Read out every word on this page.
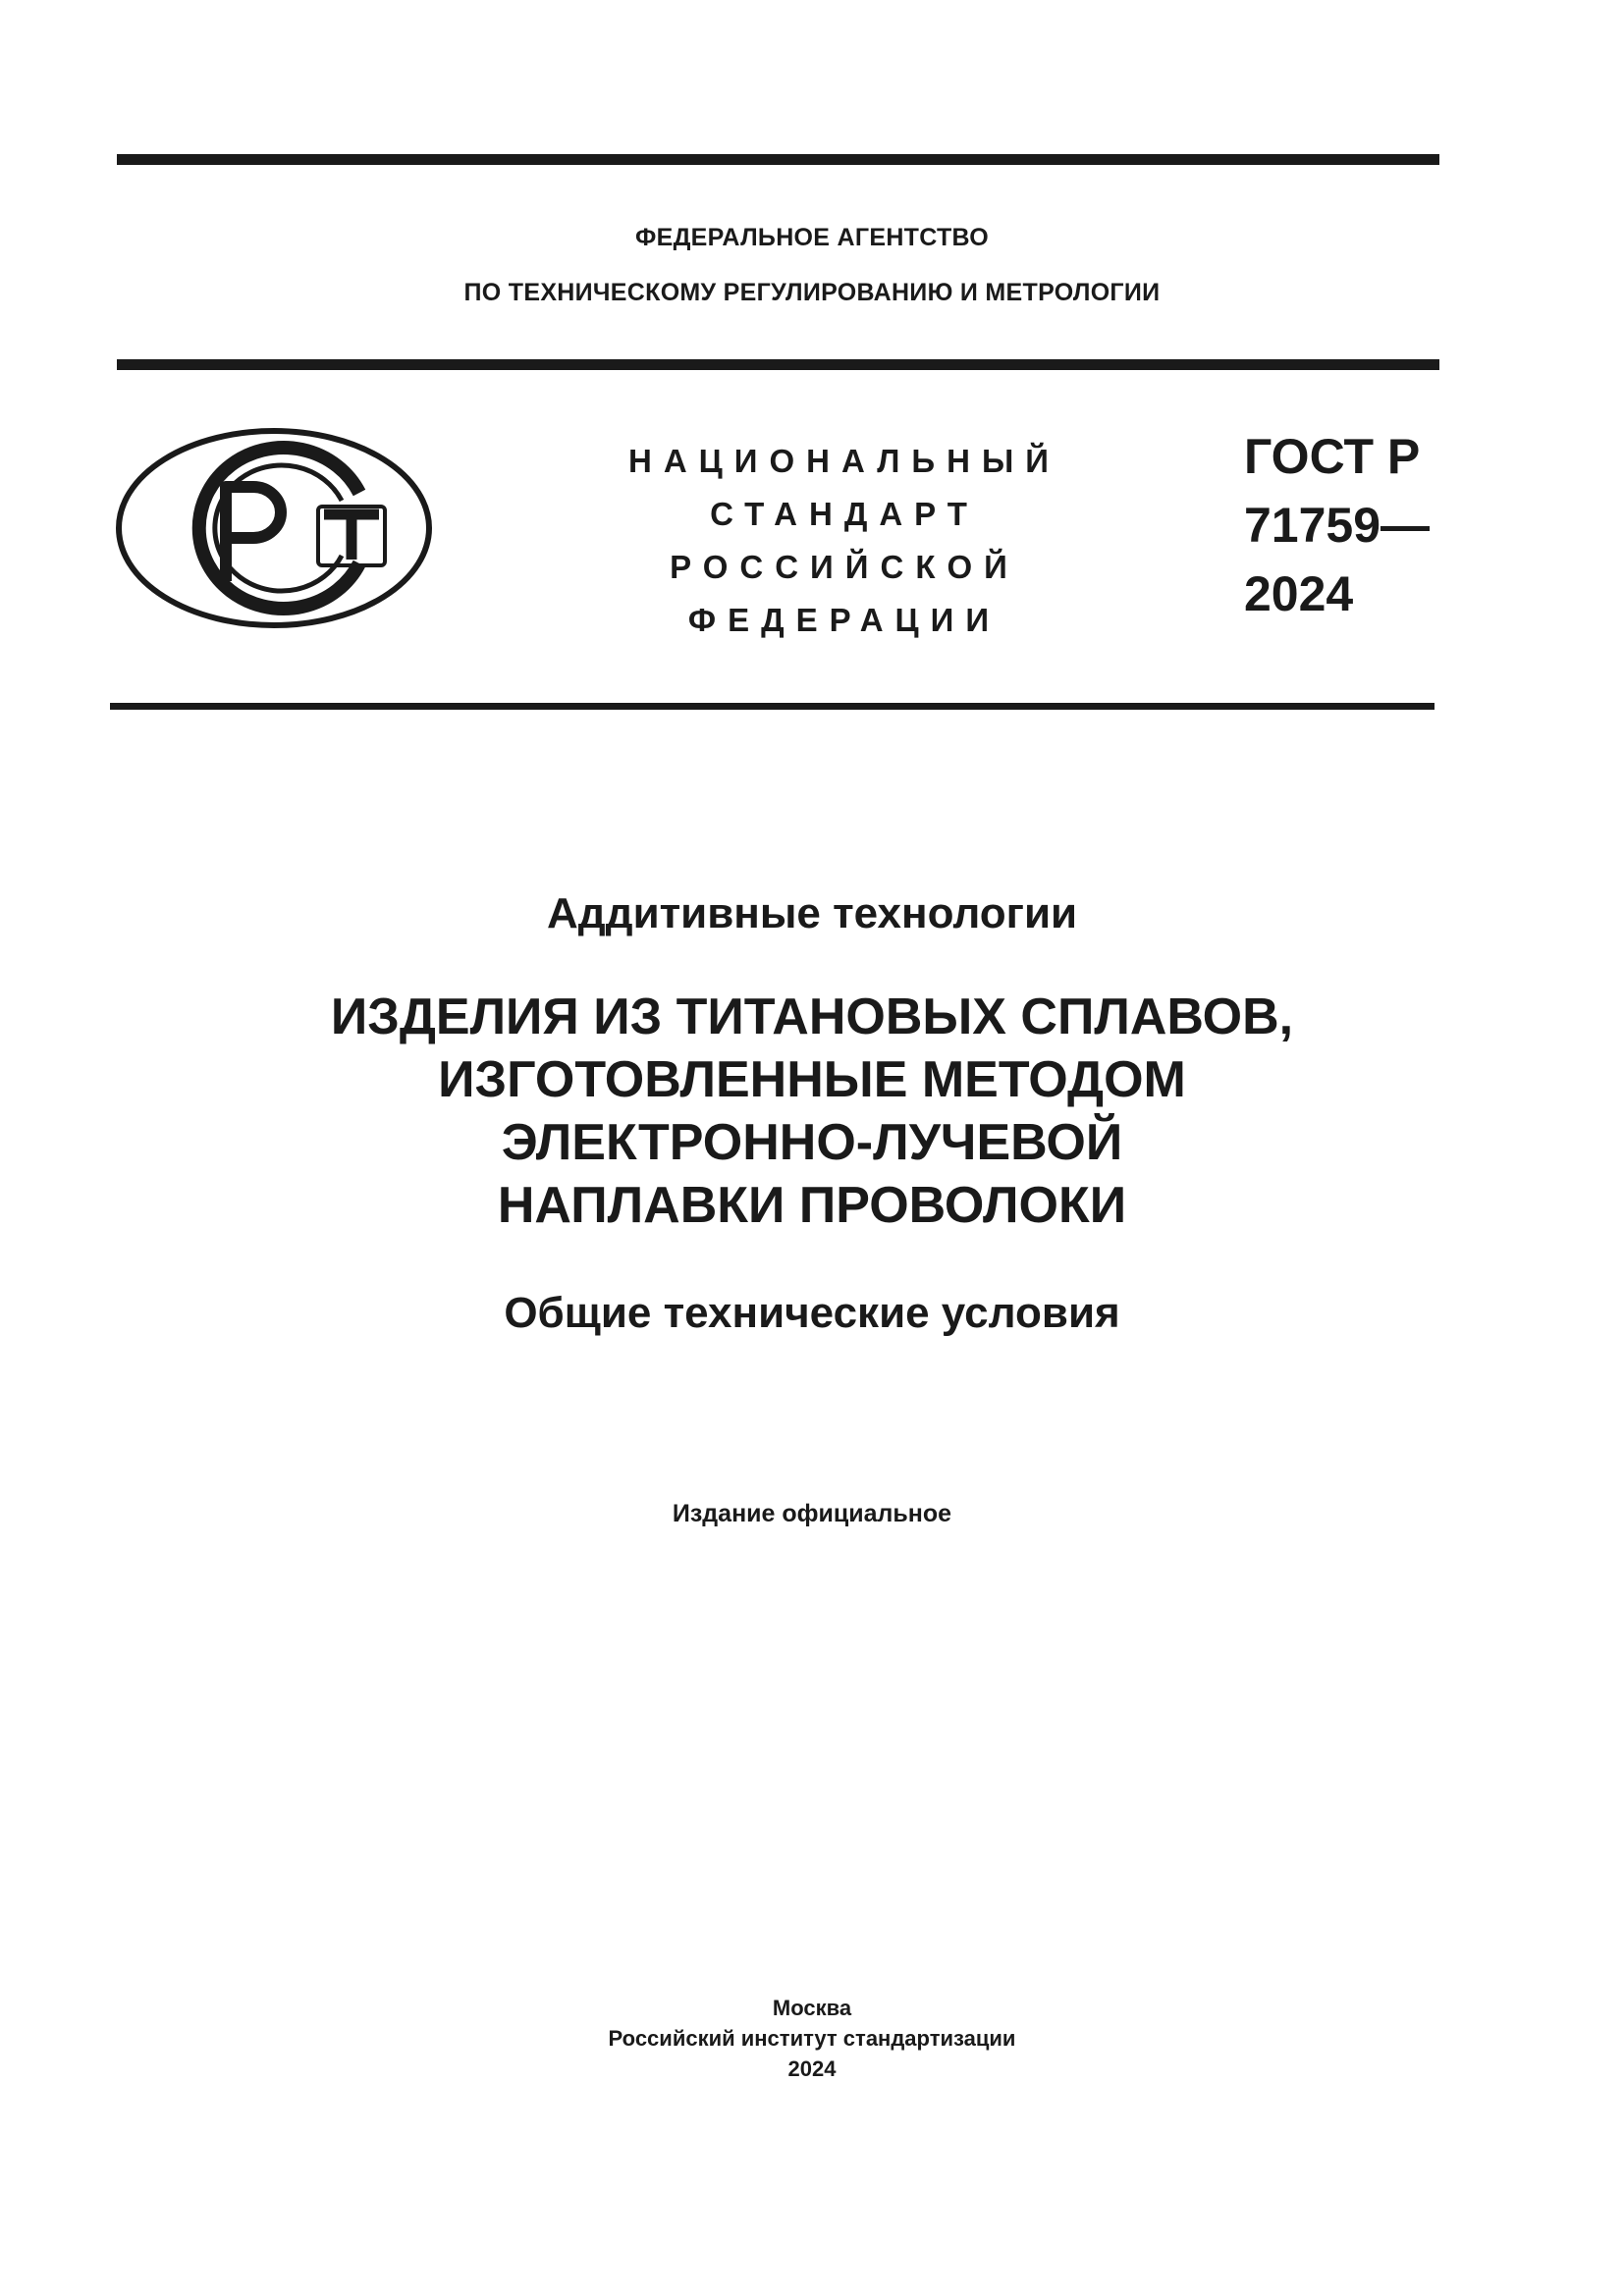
ФЕДЕРАЛЬНОЕ АГЕНТСТВО
ПО ТЕХНИЧЕСКОМУ РЕГУЛИРОВАНИЮ И МЕТРОЛОГИИ
НАЦИОНАЛЬНЫЙ
СТАНДАРТ
РОССИЙСКОЙ
ФЕДЕРАЦИИ
ГОСТ Р
71759—
2024
Аддитивные технологии
ИЗДЕЛИЯ ИЗ ТИТАНОВЫХ СПЛАВОВ,
ИЗГОТОВЛЕННЫЕ МЕТОДОМ
ЭЛЕКТРОННО-ЛУЧЕВОЙ
НАПЛАВКИ ПРОВОЛОКИ
Общие технические условия
Издание официальное
Москва
Российский институт стандартизации
2024
